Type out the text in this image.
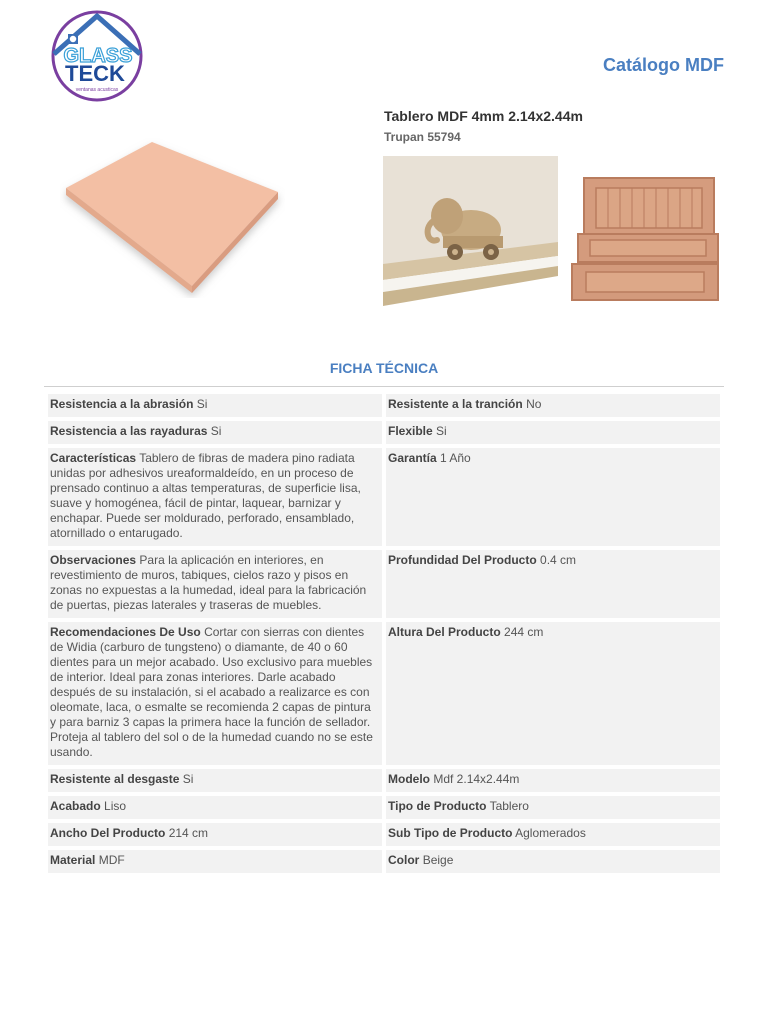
GLASS
TECK
ventanas acusticas
Catálogo MDF
Tablero MDF 4mm 2.14x2.44m
Trupan 55794
FICHA TÉCNICA
Resistencia a la abrasión Si	Resistente a la tranción No
Resistencia a las rayaduras Si	Flexible Si
Características Tablero de fibras de madera pino radiata unidas por adhesivos ureaformaldeído, en un proceso de prensado continuo a altas temperaturas, de superficie lisa, suave y homogénea, fácil de pintar, laquear, barnizar y enchapar. Puede ser moldurado, perforado, ensamblado, atornillado o entarugado.	Garantía 1 Año
Observaciones Para la aplicación en interiores, en revestimiento de muros, tabiques, cielos razo y pisos en zonas no expuestas a la humedad, ideal para la fabricación de puertas, piezas laterales y traseras de muebles.	Profundidad Del Producto 0.4 cm
Recomendaciones De Uso Cortar con sierras con dientes de Widia (carburo de tungsteno) o diamante, de 40 o 60 dientes para un mejor acabado. Uso exclusivo para muebles de interior. Ideal para zonas interiores. Darle acabado después de su instalación, si el acabado a realizarce es con oleomate, laca, o esmalte se recomienda 2 capas de pintura y para barniz 3 capas la primera hace la función de sellador. Proteja al tablero del sol o de la humedad cuando no se este usando.	Altura Del Producto 244 cm
Resistente al desgaste Si	Modelo Mdf 2.14x2.44m
Acabado Liso	Tipo de Producto Tablero
Ancho Del Producto 214 cm	Sub Tipo de Producto Aglomerados
Material MDF	Color Beige
